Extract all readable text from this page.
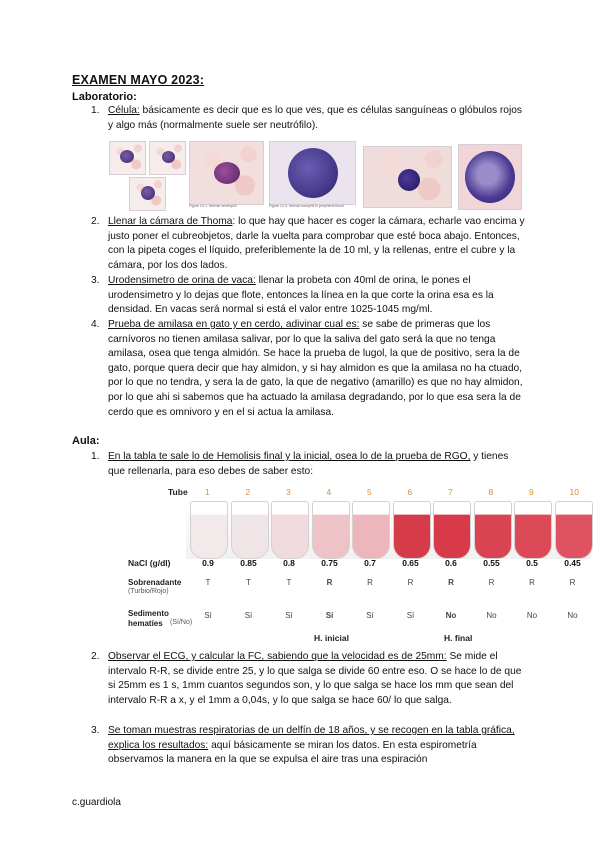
EXAMEN MAYO 2023:
Laboratorio:
1. Célula: básicamente es decir que es lo que ves, que es células sanguíneas o glóbulos rojos y algo más (normalmente suele ser neutrófilo).
Figure 10-1. Normal neutrophil	Figure 12-4. Normal basophil in peripheral blood
2. Llenar la cámara de Thoma: lo que hay que hacer es coger la cámara, echarle vao encima y justo poner el cubreobjetos, darle la vuelta para comprobar que esté boca abajo. Entonces, con la pipeta coges el líquido, preferiblemente la de 10 ml, y la rellenas, entre el cubre y la cámara, por los dos lados.
3. Urodensimetro de orina de vaca: llenar la probeta con 40ml de orina, le pones el urodensimetro y lo dejas que flote, entonces la línea en la que corte la orina esa es la densidad. En vacas será normal si está el valor entre 1025-1045 mg/ml.
4. Prueba de amilasa en gato y en cerdo, adivinar cual es: se sabe de primeras que los carnívoros no tienen amilasa salivar, por lo que la saliva del gato será la que no tenga amilasa, osea que tenga almidón. Se hace la prueba de lugol, la que de positivo, sera la de gato, porque quera decir que hay almidon, y si hay almidon es que la amilasa no ha ctuado, por lo que no tendra, y sera la de gato, la que de negativo (amarillo) es que no hay almidon, por lo que ahi si sabemos que ha actuado la amilasa degradando, por lo que esa sera la de cerdo que es omnivoro y en el si actua la amilasa.
Aula:
1. En la tabla te sale lo de Hemolisis final y la inicial, osea lo de la prueba de RGO, y tienes que rellenarla, para eso debes de saber esto:
Tube
NaCl (g/dl)
Sobrenadante
(Turbio/Rojo)
Sedimento
hematíes (Sí/No)
H. inicial	H. final
1
0.9
T
Sí
2
0.85
T
Sí
3
0.8
T
Sí
4
0.75
R
Sí
5
0.7
R
Sí
6
0.65
R
Sí
7
0.6
R
No
8
0.55
R
No
9
0.5
R
No
10
0.45
R
No
2. Observar el ECG, y calcular la FC, sabiendo que la velocidad es de 25mm: Se mide el intervalo R-R, se divide entre 25, y lo que salga se divide 60 entre eso. O se hace lo de que si 25mm es 1 s, 1mm cuantos segundos son, y lo que salga se hace los mm que sean del intervalo R-R a x, y el 1mm a 0,04s, y lo que salga se hace 60/ lo que salga.
3. Se toman muestras respiratorias de un delfín de 18 años, y se recogen en la tabla gráfica, explica los resultados: aquí básicamente se miran los datos. En esta espirometría observamos la manera en la que se expulsa el aire tras una espiración
c.guardiola
